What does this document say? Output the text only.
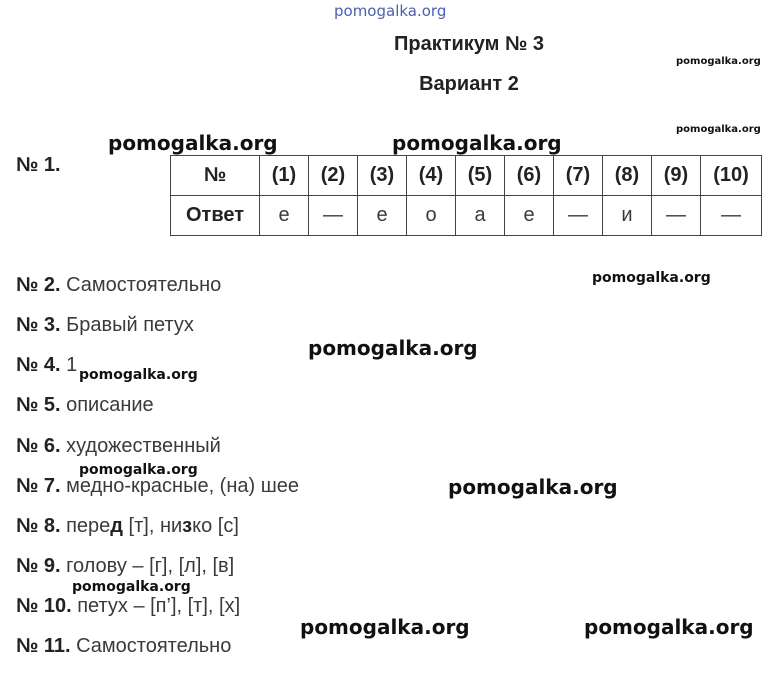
pomogalka.org
Практикум № 3
Вариант 2
pomogalka.org
pomogalka.org
pomogalka.org	pomogalka.org
№ 1.	№	(1)	(2)	(3)	(4)	(5)	(6)	(7)	(8)	(9)	(10)
Ответ	е	—	е	о	а	е	—	и	—	—
№ 2. Самостоятельно	pomogalka.org
№ 3. Бравый петух
pomogalka.org
№ 4. 1 pomogalka.org
№ 5. описание
№ 6. художественный
pomogalka.org
№ 7. медно-красные, (на) шее	pomogalka.org
№ 8. перед [т], низко [с]
№ 9. голову – [г], [л], [в]
pomogalka.org
№ 10. петух – [п’], [т], [х]
pomogalka.org	pomogalka.org
№ 11. Самостоятельно
